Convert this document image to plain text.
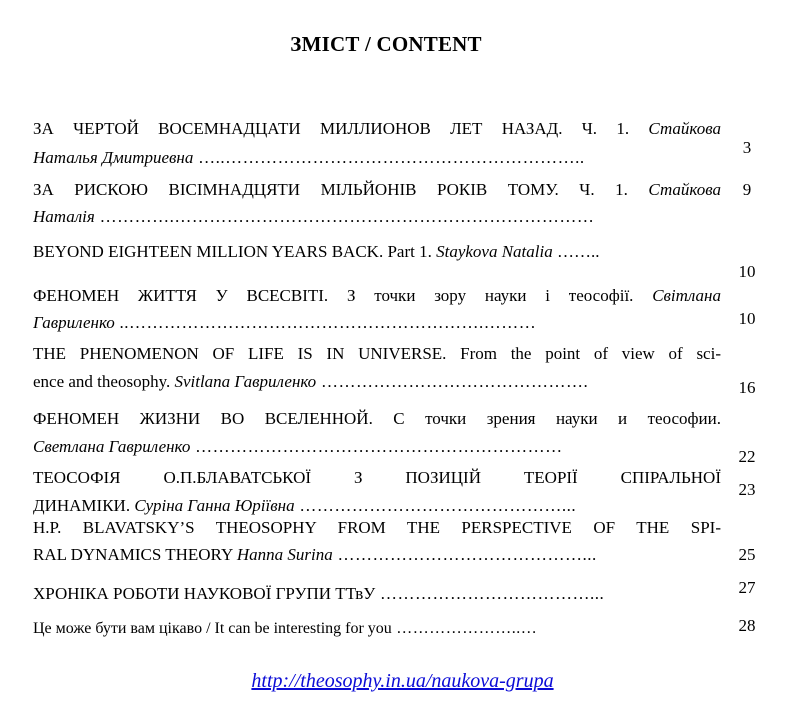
ЗМІСТ / CONTENT
ЗА ЧЕРТОЙ ВОСЕМНАДЦАТИ МИЛЛИОНОВ ЛЕТ НАЗАД. Ч. 1. Стайкова
Наталья Дмитриевна …..……………………………………………………..
3
ЗА РИСКОЮ ВІСІМНАДЦЯТИ МІЛЬЙОНІВ РОКІВ ТОМУ. Ч. 1. Стайкова
Наталія ………….………………………………………………………………
9
BEYOND EIGHTEEN MILLION YEARS BACK. Part 1. Staykova Natalia ……..
10
ФЕНОМЕН ЖИТТЯ У ВСЕСВІТІ. З точки зору науки і теософії. Світлана
Гавриленко ..…………………………………………………….………	10
THE PHENOMENON OF LIFE IS IN UNIVERSE. From the point of view of sci-
ence and theosophy. Svitlana Гавриленко ……………………………………….	16
ФЕНОМЕН ЖИЗНИ ВО ВСЕЛЕННОЙ. С точки зрения науки и теософии.
Светлана Гавриленко ………………………………………………………
22
ТЕОСОФІЯ О.П.БЛАВАТСЬКОЇ З ПОЗИЦІЙ ТЕОРІЇ СПІРАЛЬНОЇ
ДИНАМІКИ. Суріна Ганна Юріївна ………………………………………...
23
H.P. BLAVATSKY’S THEOSOPHY FROM THE PERSPECTIVE OF THE SPI-
RAL DYNAMICS THEORY Hanna Surina ……………………………………...	25
ХРОНІКА РОБОТИ НАУКОВОЇ ГРУПИ ТТвУ ………………………………...	27
Це може бути вам цікаво / It can be interesting for you …………………..…	28
http://theosophy.in.ua/naukova-grupa
